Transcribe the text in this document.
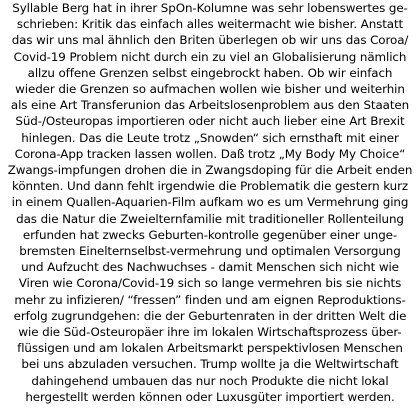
Syllable Berg hat in ihrer SpOn-Kolumne was sehr lobenswertes ge-
schrieben: Kritik das einfach alles weitermacht wie bisher. Anstatt
das wir uns mal ähnlich den Briten überlegen ob wir uns das Coroa/
Covid-19 Problem nicht durch ein zu viel an Globalisierung nämlich
allzu offene Grenzen selbst eingebrockt haben. Ob wir einfach
wieder die Grenzen so aufmachen wollen wie bisher und weiterhin
als eine Art Transferunion das Arbeitslosenproblem aus den Staaten
Süd-/Osteuropas importieren oder nicht auch lieber eine Art Brexit
hinlegen. Das die Leute trotz „Snowden“ sich ernsthaft mit einer
Corona-App tracken lassen wollen. Daß trotz „My Body My Choice“
Zwangs-impfungen drohen die in Zwangsdoping für die Arbeit enden
könnten. Und dann fehlt irgendwie die Problematik die gestern kurz
in einem Quallen-Aquarien-Film aufkam wo es um Vermehrung ging
das die Natur die Zweielternfamilie mit traditioneller Rollenteilung
erfunden hat zwecks Geburten-kontrolle gegenüber einer unge-
bremsten Einelternselbst-vermehrung und optimalen Versorgung
und Aufzucht des Nachwuchses - damit Menschen sich nicht wie
Viren wie Corona/Covid-19 sich so lange vermehren bis sie nichts
mehr zu infizieren/ “fressen” finden und am eignen Reproduktions-
erfolg zugrundgehen: die der Geburtenraten in der dritten Welt die
wie die Süd-Osteuropäer ihre im lokalen Wirtschaftsprozess über-
flüssigen und am lokalen Arbeitsmarkt perspektivlosen Menschen
bei uns abzuladen versuchen. Trump wollte ja die Weltwirtschaft
dahingehend umbauen das nur noch Produkte die nicht lokal
hergestellt werden können oder Luxusgüter importiert werden.
